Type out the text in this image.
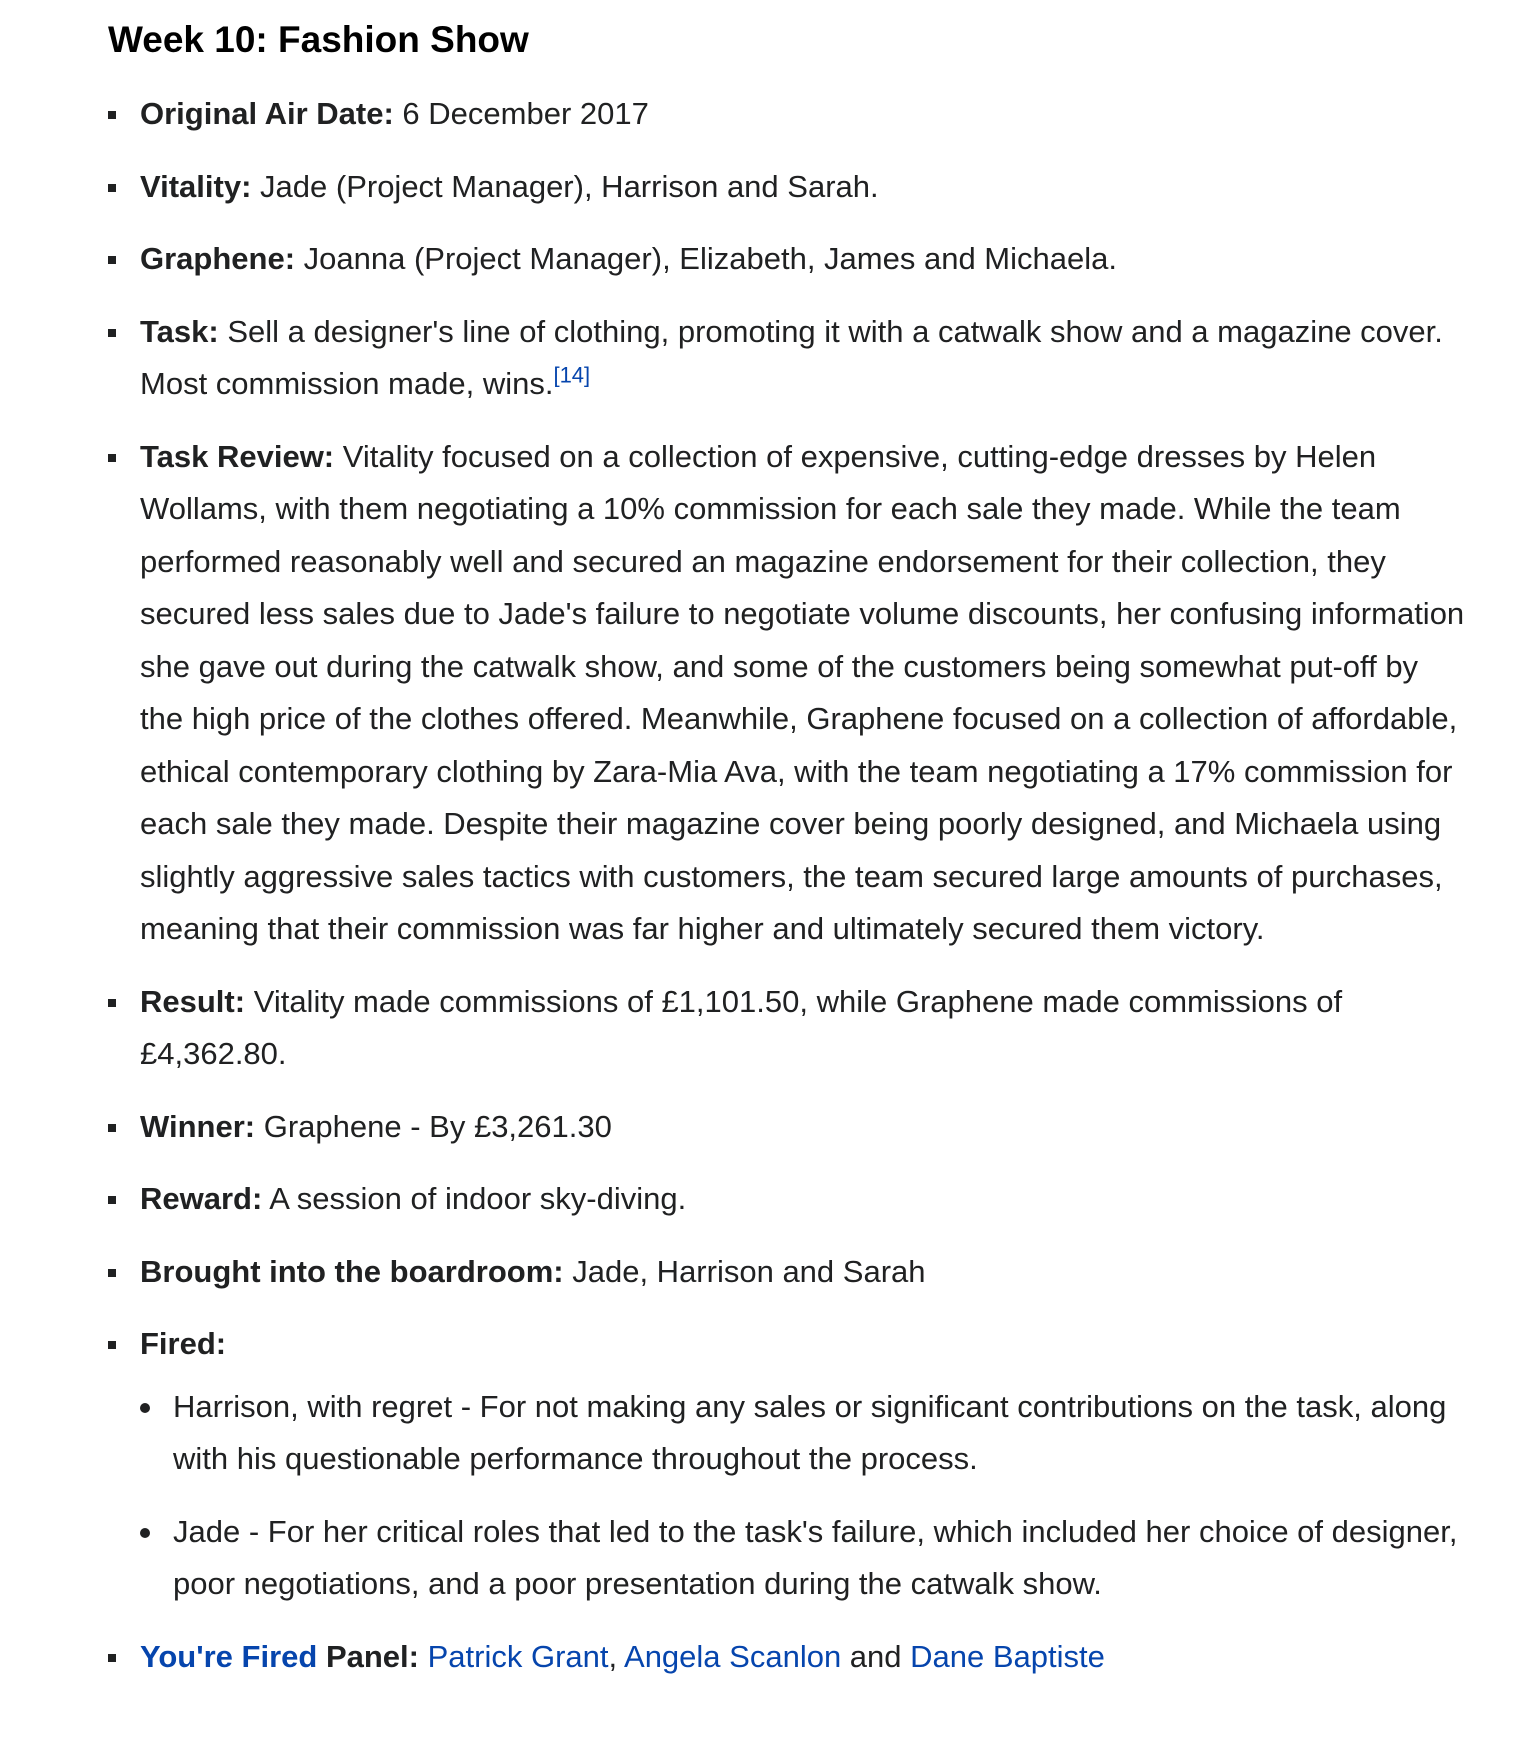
Week 10: Fashion Show
Original Air Date: 6 December 2017
Vitality: Jade (Project Manager), Harrison and Sarah.
Graphene: Joanna (Project Manager), Elizabeth, James and Michaela.
Task: Sell a designer's line of clothing, promoting it with a catwalk show and a magazine cover. Most commission made, wins.[14]
Task Review: Vitality focused on a collection of expensive, cutting-edge dresses by Helen Wollams, with them negotiating a 10% commission for each sale they made. While the team performed reasonably well and secured an magazine endorsement for their collection, they secured less sales due to Jade's failure to negotiate volume discounts, her confusing information she gave out during the catwalk show, and some of the customers being somewhat put-off by the high price of the clothes offered. Meanwhile, Graphene focused on a collection of affordable, ethical contemporary clothing by Zara-Mia Ava, with the team negotiating a 17% commission for each sale they made. Despite their magazine cover being poorly designed, and Michaela using slightly aggressive sales tactics with customers, the team secured large amounts of purchases, meaning that their commission was far higher and ultimately secured them victory.
Result: Vitality made commissions of £1,101.50, while Graphene made commissions of £4,362.80.
Winner: Graphene - By £3,261.30
Reward: A session of indoor sky-diving.
Brought into the boardroom: Jade, Harrison and Sarah
Fired:
Harrison, with regret - For not making any sales or significant contributions on the task, along with his questionable performance throughout the process.
Jade - For her critical roles that led to the task's failure, which included her choice of designer, poor negotiations, and a poor presentation during the catwalk show.
You're Fired Panel: Patrick Grant, Angela Scanlon and Dane Baptiste
